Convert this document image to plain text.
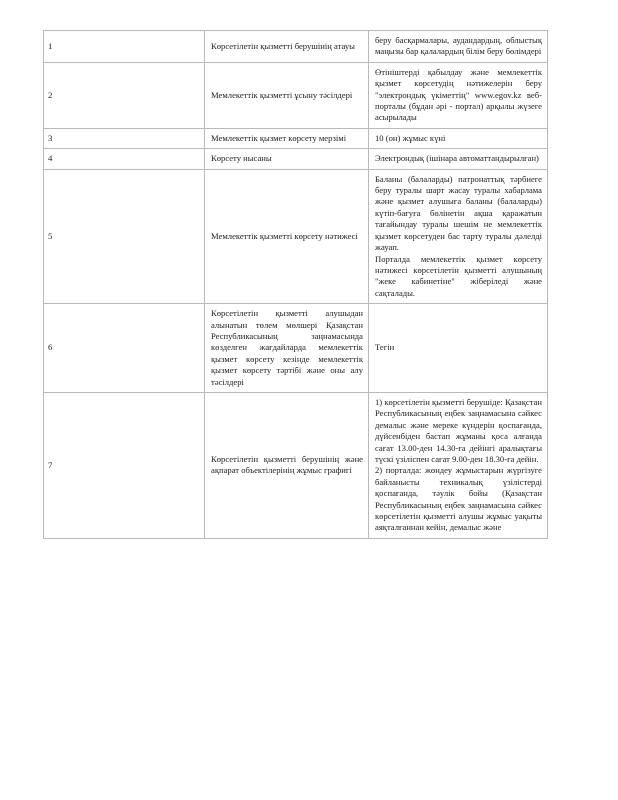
1	Көрсетілетін қызметті берушінің атауы	беру басқармалары, аудандардың, облыстық маңызы бар қалалардың білім беру бөлімдері

2	Мемлекеттік қызметті ұсыну тәсілдері	Өтініштерді қабылдау және мемлекеттік қызмет көрсетудің нәтижелерін беру "электрондық үкіметтің" www.egov.kz веб-порталы (бұдан әрі - портал) арқылы жүзеге асырылады

3	Мемлекеттік қызмет көрсету мерзімі	10 (он) жұмыс күні

4	Көрсету нысаны	Электрондық (ішінара автоматтандырылған)

5	Мемлекеттік қызметті көрсету нәтижесі	Баланы (балаларды) патронаттық тәрбиеге беру туралы шарт жасау туралы хабарлама және қызмет алушыға баланы (балаларды) күтіп-бағуға бөлінетін ақша қаражатын тағайындау туралы шешім не мемлекеттік қызмет көрсетуден бас тарту туралы дәлелді жауап.

Порталда мемлекеттік қызмет көрсету нәтижесі көрсетілетін қызметті алушының "жеке кабинетіне" жіберіледі және сақталады.

6	Көрсетілетін қызметті алушыдан алынатын төлем мөлшері Қазақстан Республикасының заңнамасында көзделген жағдайларда мемлекеттік қызмет көрсету кезінде мемлекеттік қызмет көрсету тәртібі және оны алу тәсілдері	Тегін

7	Көрсетілетін қызметті берушінің және ақпарат объектілерінің жұмыс графигі	1) көрсетілетін қызметті берушіде: Қазақстан Республикасының еңбек заңнамасына сәйкес демалыс және мереке күндерін қоспағанда, дүйсенбіден бастап жұманы қоса алғанда сағат 13.00-ден 14.30-ға дейінгі аралықтағы түскі үзіліспен сағат 9.00-ден 18.30-ға дейін.

2) порталда: жөндеу жұмыстарын жүргізуге байланысты техникалық үзілістерді қоспағанда, тәулік бойы (Қазақстан Республикасының еңбек заңнамасына сәйкес көрсетілетін қызметті алушы жұмыс уақыты аяқталғаннан кейін, демалыс және
